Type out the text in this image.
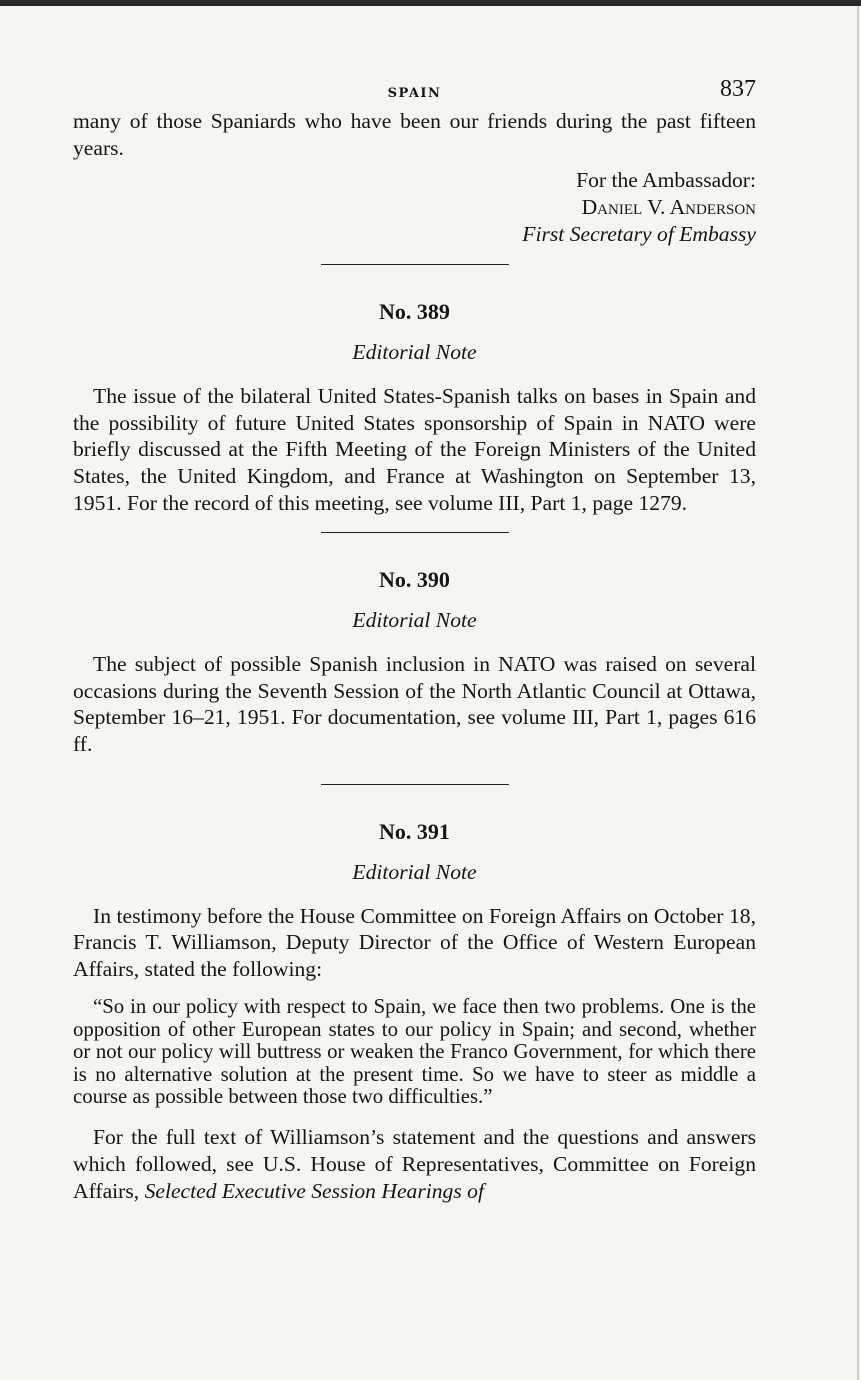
SPAIN	837

many of those Spaniards who have been our friends during the past fifteen years.

For the Ambassador:
Daniel V. Anderson
First Secretary of Embassy
No. 389
Editorial Note

The issue of the bilateral United States-Spanish talks on bases in Spain and the possibility of future United States sponsorship of Spain in NATO were briefly discussed at the Fifth Meeting of the Foreign Ministers of the United States, the United Kingdom, and France at Washington on September 13, 1951. For the record of this meeting, see volume III, Part 1, page 1279.

No. 390
Editorial Note

The subject of possible Spanish inclusion in NATO was raised on several occasions during the Seventh Session of the North Atlantic Council at Ottawa, September 16–21, 1951. For documentation, see volume III, Part 1, pages 616 ff.

No. 391
Editorial Note

In testimony before the House Committee on Foreign Affairs on October 18, Francis T. Williamson, Deputy Director of the Office of Western European Affairs, stated the following:

“So in our policy with respect to Spain, we face then two problems. One is the opposition of other European states to our policy in Spain; and second, whether or not our policy will buttress or weaken the Franco Government, for which there is no alternative solution at the present time. So we have to steer as middle a course as possible between those two difficulties.”

For the full text of Williamson’s statement and the questions and answers which followed, see U.S. House of Representatives, Committee on Foreign Affairs, Selected Executive Session Hearings of
